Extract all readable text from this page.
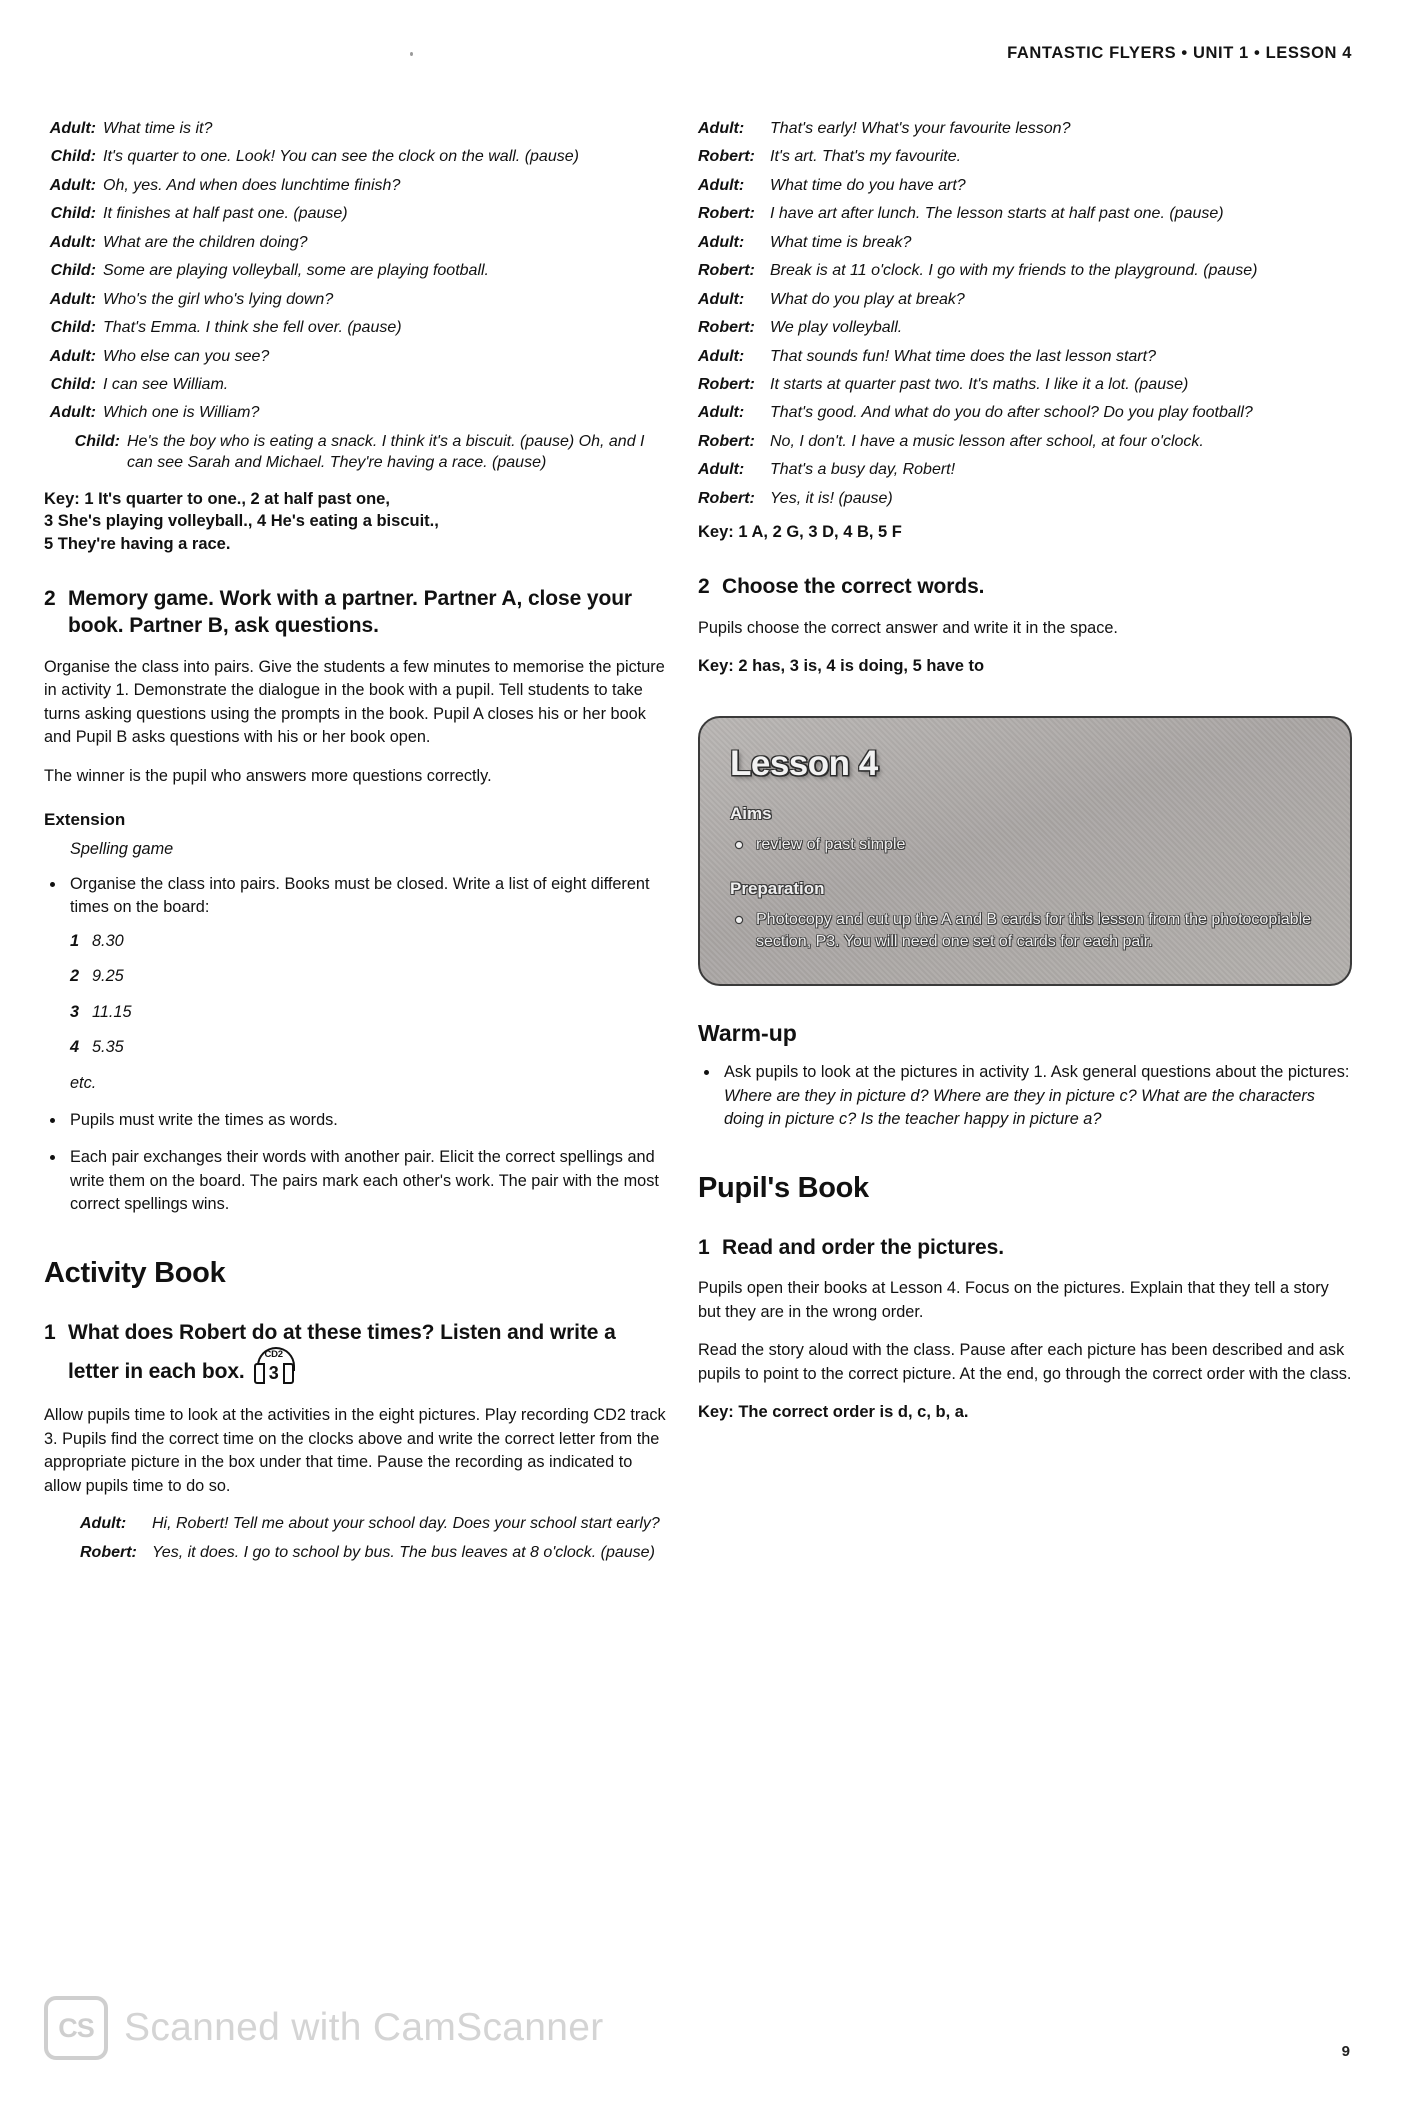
FANTASTIC FLYERS • UNIT 1 • LESSON 4
Adult: What time is it?
Child: It's quarter to one. Look! You can see the clock on the wall. (pause)
Adult: Oh, yes. And when does lunchtime finish?
Child: It finishes at half past one. (pause)
Adult: What are the children doing?
Child: Some are playing volleyball, some are playing football.
Adult: Who's the girl who's lying down?
Child: That's Emma. I think she fell over. (pause)
Adult: Who else can you see?
Child: I can see William.
Adult: Which one is William?
Child: He's the boy who is eating a snack. I think it's a biscuit. (pause) Oh, and I can see Sarah and Michael. They're having a race. (pause)
Key: 1 It's quarter to one., 2 at half past one,
3 She's playing volleyball., 4 He's eating a biscuit.,
5 They're having a race.
2 Memory game. Work with a partner. Partner A, close your book. Partner B, ask questions.

Organise the class into pairs. Give the students a few minutes to memorise the picture in activity 1. Demonstrate the dialogue in the book with a pupil. Tell students to take turns asking questions using the prompts in the book. Pupil A closes his or her book and Pupil B asks questions with his or her book open.

The winner is the pupil who answers more questions correctly.

Extension
Spelling game
Organise the class into pairs. Books must be closed. Write a list of eight different times on the board:
1 8.30
2 9.25
3 11.15
4 5.35
etc.
Pupils must write the times as words.
Each pair exchanges their words with another pair. Elicit the correct spellings and write them on the board. The pairs mark each other's work. The pair with the most correct spellings wins.
Activity Book
1 What does Robert do at these times? Listen and write a letter in each box.
CD2
3

Allow pupils time to look at the activities in the eight pictures. Play recording CD2 track 3. Pupils find the correct time on the clocks above and write the correct letter from the appropriate picture in the box under that time. Pause the recording as indicated to allow pupils time to do so.

Adult:	Hi, Robert! Tell me about your school day. Does your school start early?
Robert: Yes, it does. I go to school by bus. The bus leaves at 8 o'clock. (pause)
Adult:	That's early! What's your favourite lesson?
Robert: It's art. That's my favourite.
Adult:	What time do you have art?
Robert: I have art after lunch. The lesson starts at half past one. (pause)
Adult:	What time is break?
Robert: Break is at 11 o'clock. I go with my friends to the playground. (pause)
Adult:	What do you play at break?
Robert: We play volleyball.
Adult:	That sounds fun! What time does the last lesson start?
Robert: It starts at quarter past two. It's maths. I like it a lot. (pause)
Adult:	That's good. And what do you do after school? Do you play football?
Robert: No, I don't. I have a music lesson after school, at four o'clock.
Adult:	That's a busy day, Robert!
Robert: Yes, it is! (pause)
Key: 1 A, 2 G, 3 D, 4 B, 5 F
2 Choose the correct words.

Pupils choose the correct answer and write it in the space.

Key: 2 has, 3 is, 4 is doing, 5 have to
Lesson 4
Aims
review of past simple
Preparation
Photocopy and cut up the A and B cards for this lesson from the photocopiable section, P3. You will need one set of cards for each pair.
Warm-up
Ask pupils to look at the pictures in activity 1. Ask general questions about the pictures: Where are they in picture d? Where are they in picture c? What are the characters doing in picture c? Is the teacher happy in picture a?
Pupil's Book
1 Read and order the pictures.

Pupils open their books at Lesson 4. Focus on the pictures. Explain that they tell a story but they are in the wrong order.

Read the story aloud with the class. Pause after each picture has been described and ask pupils to point to the correct picture. At the end, go through the correct order with the class.

Key: The correct order is d, c, b, a.
CS Scanned with CamScanner
9
